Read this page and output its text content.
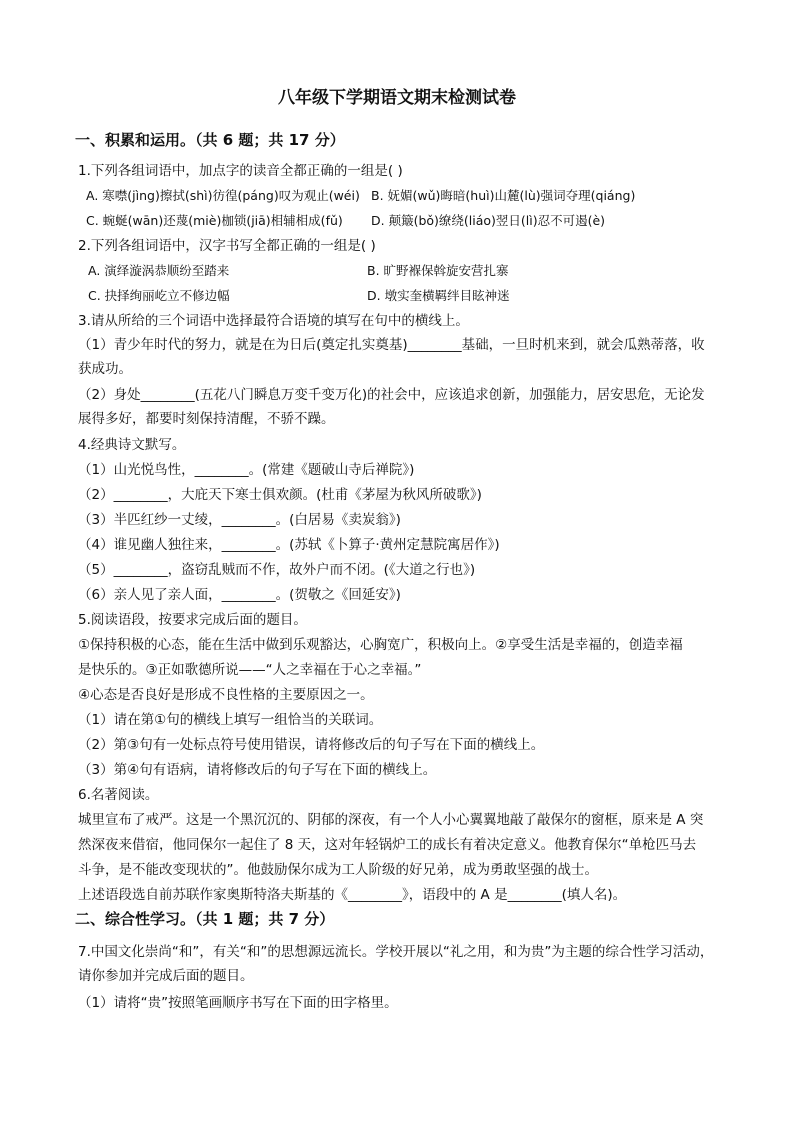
八年级下学期语文期末检测试卷
一、积累和运用。（共 6 题；共 17 分）
1.下列各组词语中，加点字的读音全都正确的一组是( )
A. 寒噤(jìng)擦拭(shì)彷徨(páng)叹为观止(wéi) B. 妩媚(wǔ)晦暗(huì)山麓(lù)强词夺理(qiáng)
C. 蜿蜒(wān)还蔑(miè)枷锁(jiā)相辅相成(fǔ) D. 颠簸(bǒ)缭绕(liáo)翌日(lì)忍不可遏(è)
2.下列各组词语中，汉字书写全都正确的一组是( )
A. 演绎漩涡恭顺纷至踏来	B. 旷野褓保斡旋安营扎寨
C. 抉择绚丽屹立不修边幅	D. 墩实奎横羁绊目眩神迷
3.请从所给的三个词语中选择最符合语境的填写在句中的横线上。
（1）青少年时代的努力，就是在为日后(奠定扎实奠基)________基础，一旦时机来到，就会瓜熟蒂落，收
获成功。
（2）身处________(五花八门瞬息万变千变万化)的社会中，应该追求创新，加强能力，居安思危，无论发
展得多好，都要时刻保持清醒，不骄不躁。
4.经典诗文默写。
（1）山光悦鸟性，________。(常建《题破山寺后禅院》)
（2）________，大庇天下寒士俱欢颜。(杜甫《茅屋为秋风所破歌》)
（3）半匹红纱一丈绫，________。(白居易《卖炭翁》)
（4）谁见幽人独往来，________。(苏轼《卜算子·黄州定慧院寓居作》)
（5）________，盗窃乱贼而不作，故外户而不闭。(《大道之行也》)
（6）亲人见了亲人面，________。(贺敬之《回延安》)
5.阅读语段，按要求完成后面的题目。
①保持积极的心态，能在生活中做到乐观豁达，心胸宽广，积极向上。②享受生活是幸福的，创造幸福
是快乐的。③正如歌德所说——“人之幸福在于心之幸福。”
④心态是否良好是形成不良性格的主要原因之一。
（1）请在第①句的横线上填写一组恰当的关联词。
（2）第③句有一处标点符号使用错误，请将修改后的句子写在下面的横线上。
（3）第④句有语病，请将修改后的句子写在下面的横线上。
6.名著阅读。
城里宣布了戒严。这是一个黑沉沉的、阴郁的深夜，有一个人小心翼翼地敲了敲保尔的窗框，原来是 A 突
然深夜来借宿，他同保尔一起住了 8 天，这对年轻锅炉工的成长有着决定意义。他教育保尔“单枪匹马去
斗争，是不能改变现状的”。他鼓励保尔成为工人阶级的好兄弟，成为勇敢坚强的战士。
上述语段选自前苏联作家奥斯特洛夫斯基的《________》，语段中的 A 是________(填人名)。
二、综合性学习。（共 1 题；共 7 分）
7.中国文化崇尚“和”，有关“和”的思想源远流长。学校开展以“礼之用，和为贵”为主题的综合性学习活动，
请你参加并完成后面的题目。
（1）请将“贵”按照笔画顺序书写在下面的田字格里。
